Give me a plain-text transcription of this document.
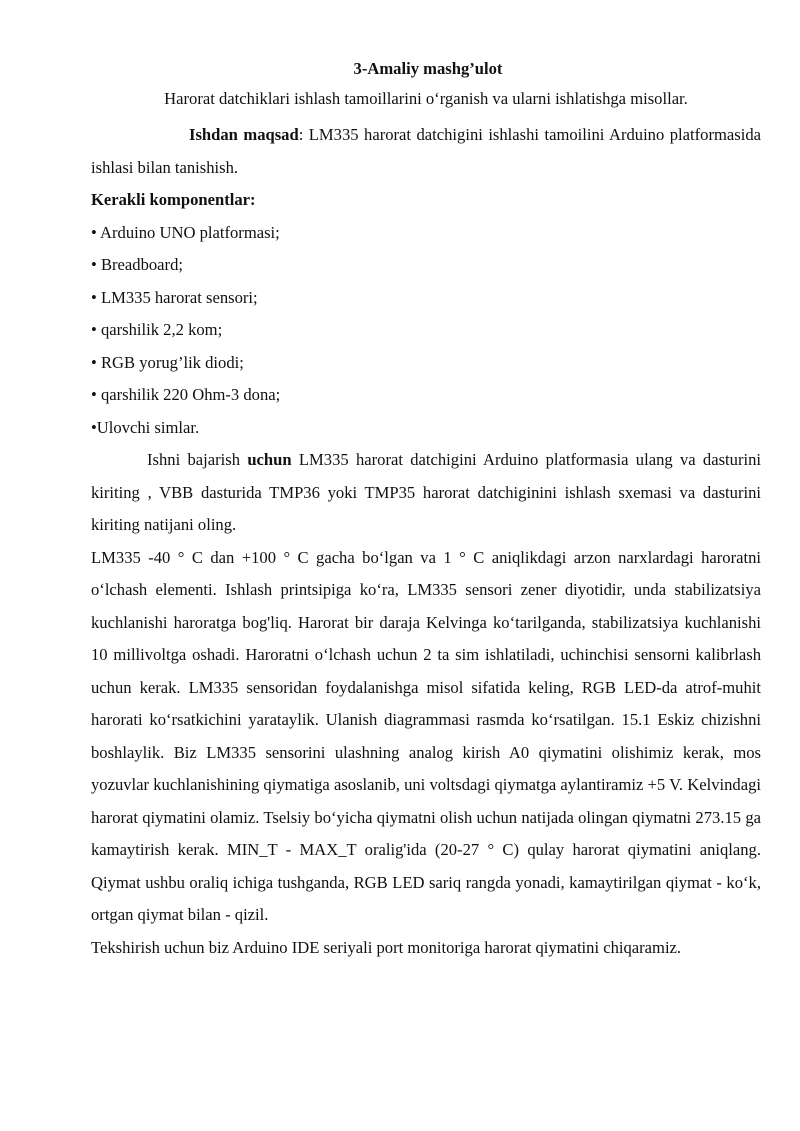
3-Amaliy mashg’ulot

Harorat datchiklari ishlash tamoillarini o‘rganish va ularni ishlatishga misollar.

Ishdan maqsad: LM335 harorat datchigini ishlashi tamoilini Arduino platformasida ishlasi bilan tanishish.

Kerakli komponentlar:

• Arduino UNO platformasi;
• Breadboard;
• LM335 harorat sensori;
• qarshilik 2,2 kom;
• RGB yorug’lik diodi;
• qarshilik 220 Ohm-3 dona;
•Ulovchi simlar.

Ishni bajarish uchun LM335 harorat datchigini Arduino platformasia ulang va dasturini kiriting , VBB dasturida TMP36 yoki TMP35 harorat datchiginini ishlash sxemasi va dasturini kiriting natijani oling.

LM335 -40 ° C dan +100 ° C gacha bo‘lgan va 1 ° C aniqlikdagi arzon narxlardagi haroratni o‘lchash elementi. Ishlash printsipiga ko‘ra, LM335 sensori zener diyotidir, unda stabilizatsiya kuchlanishi haroratga bog'liq. Harorat bir daraja Kelvinga ko‘tarilganda, stabilizatsiya kuchlanishi 10 millivoltga oshadi. Haroratni o‘lchash uchun 2 ta sim ishlatiladi, uchinchisi sensorni kalibrlash uchun kerak. LM335 sensoridan foydalanishga misol sifatida keling, RGB LED-da atrof-muhit harorati ko‘rsatkichini yarataylik. Ulanish diagrammasi rasmda ko‘rsatilgan. 15.1 Eskiz chizishni boshlaylik. Biz LM335 sensorini ulashning analog kirish A0 qiymatini olishimiz kerak, mos yozuvlar kuchlanishining qiymatiga asoslanib, uni voltsdagi qiymatga aylantiramiz +5 V. Kelvindagi harorat qiymatini olamiz. Tselsiy bo‘yicha qiymatni olish uchun natijada olingan qiymatni 273.15 ga kamaytirish kerak. MIN_T - MAX_T oralig'ida (20-27 ° C) qulay harorat qiymatini aniqlang. Qiymat ushbu oraliq ichiga tushganda, RGB LED sariq rangda yonadi, kamaytirilgan qiymat - ko‘k, ortgan qiymat bilan - qizil.

Tekshirish uchun biz Arduino IDE seriyali port monitoriga harorat qiymatini chiqaramiz.
